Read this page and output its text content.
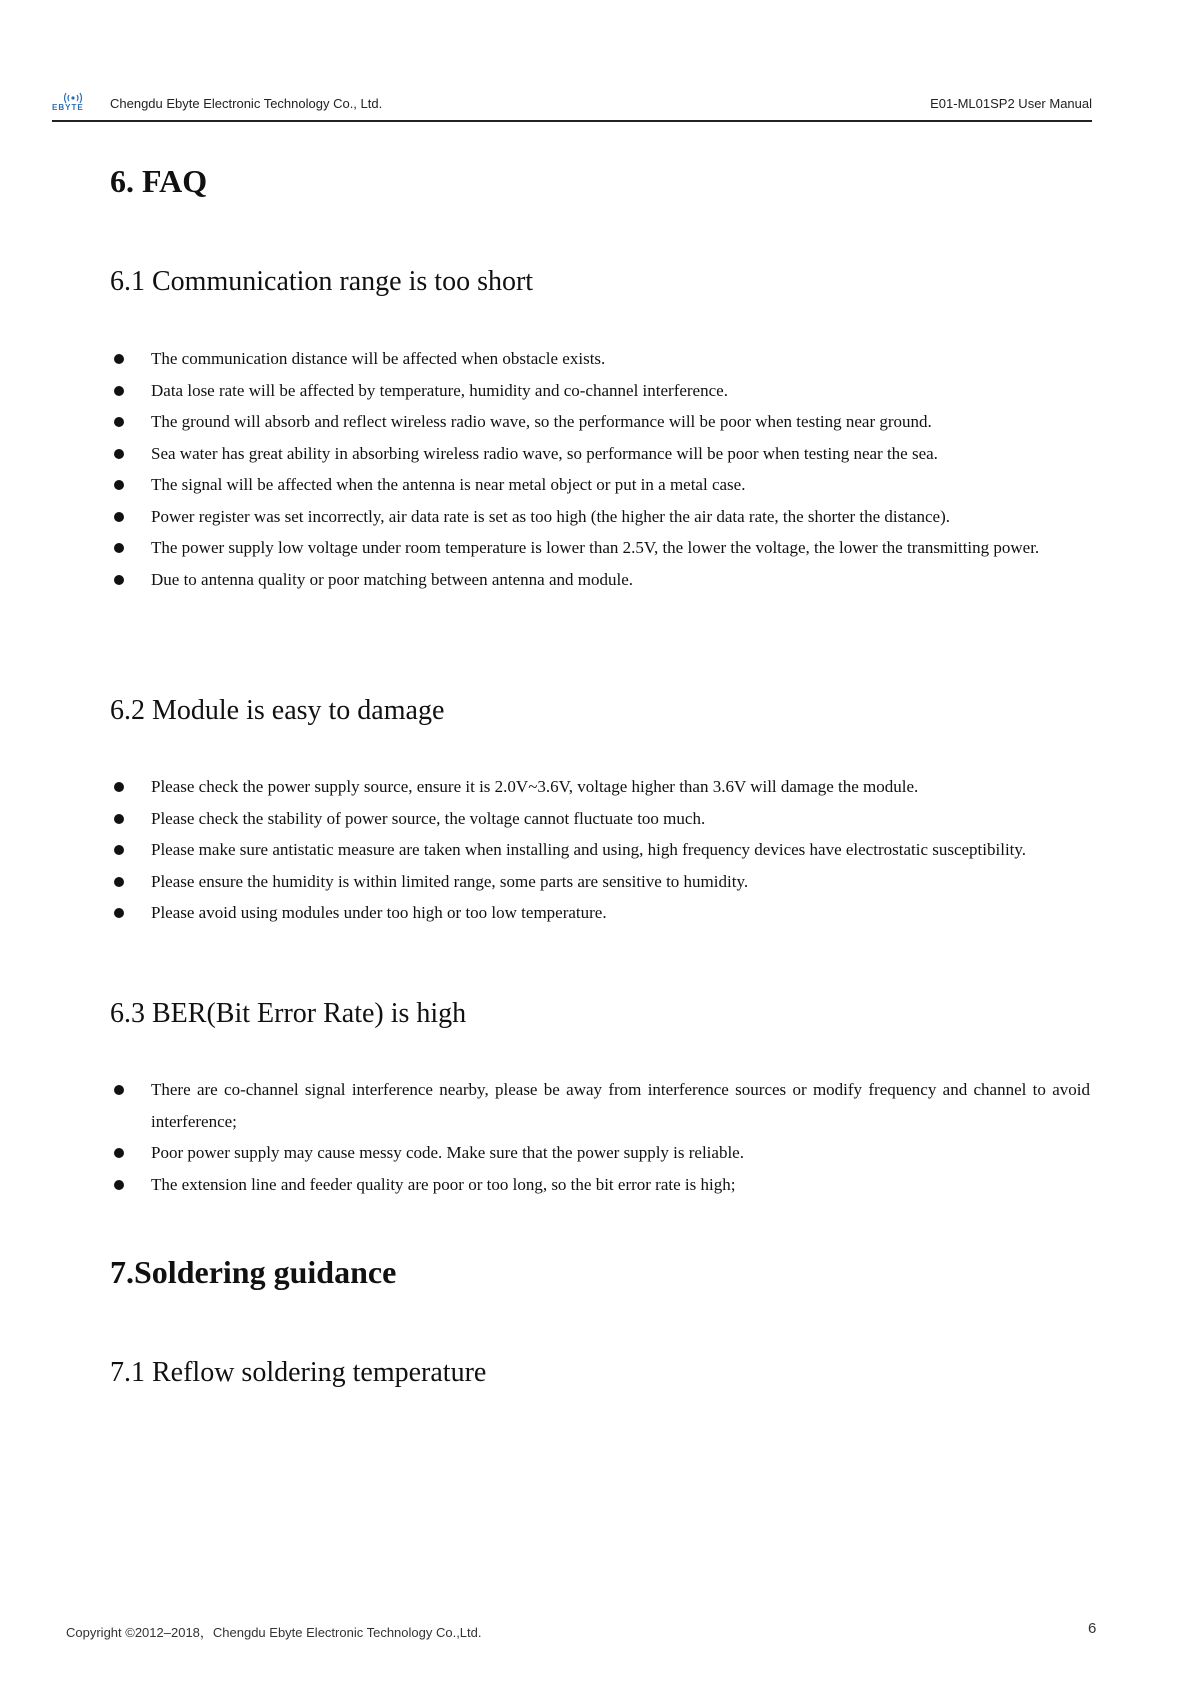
EBYTE Chengdu Ebyte Electronic Technology Co., Ltd.	E01-ML01SP2 User Manual
6. FAQ
6.1 Communication range is too short
The communication distance will be affected when obstacle exists.
Data lose rate will be affected by temperature, humidity and co-channel interference.
The ground will absorb and reflect wireless radio wave, so the performance will be poor when testing near ground.
Sea water has great ability in absorbing wireless radio wave, so performance will be poor when testing near the sea.
The signal will be affected when the antenna is near metal object or put in a metal case.
Power register was set incorrectly, air data rate is set as too high (the higher the air data rate, the shorter the distance).
The power supply low voltage under room temperature is lower than 2.5V, the lower the voltage, the lower the transmitting power.
Due to antenna quality or poor matching between antenna and module.
6.2 Module is easy to damage
Please check the power supply source, ensure it is 2.0V~3.6V, voltage higher than 3.6V will damage the module.
Please check the stability of power source, the voltage cannot fluctuate too much.
Please make sure antistatic measure are taken when installing and using, high frequency devices have electrostatic susceptibility.
Please ensure the humidity is within limited range, some parts are sensitive to humidity.
Please avoid using modules under too high or too low temperature.
6.3 BER(Bit Error Rate) is high
There are co-channel signal interference nearby, please be away from interference sources or modify frequency and channel to avoid interference;
Poor power supply may cause messy code. Make sure that the power supply is reliable.
The extension line and feeder quality are poor or too long, so the bit error rate is high;
7.Soldering guidance
7.1 Reflow soldering temperature
Copyright ©2012–2018，Chengdu Ebyte Electronic Technology Co.,Ltd.	6
